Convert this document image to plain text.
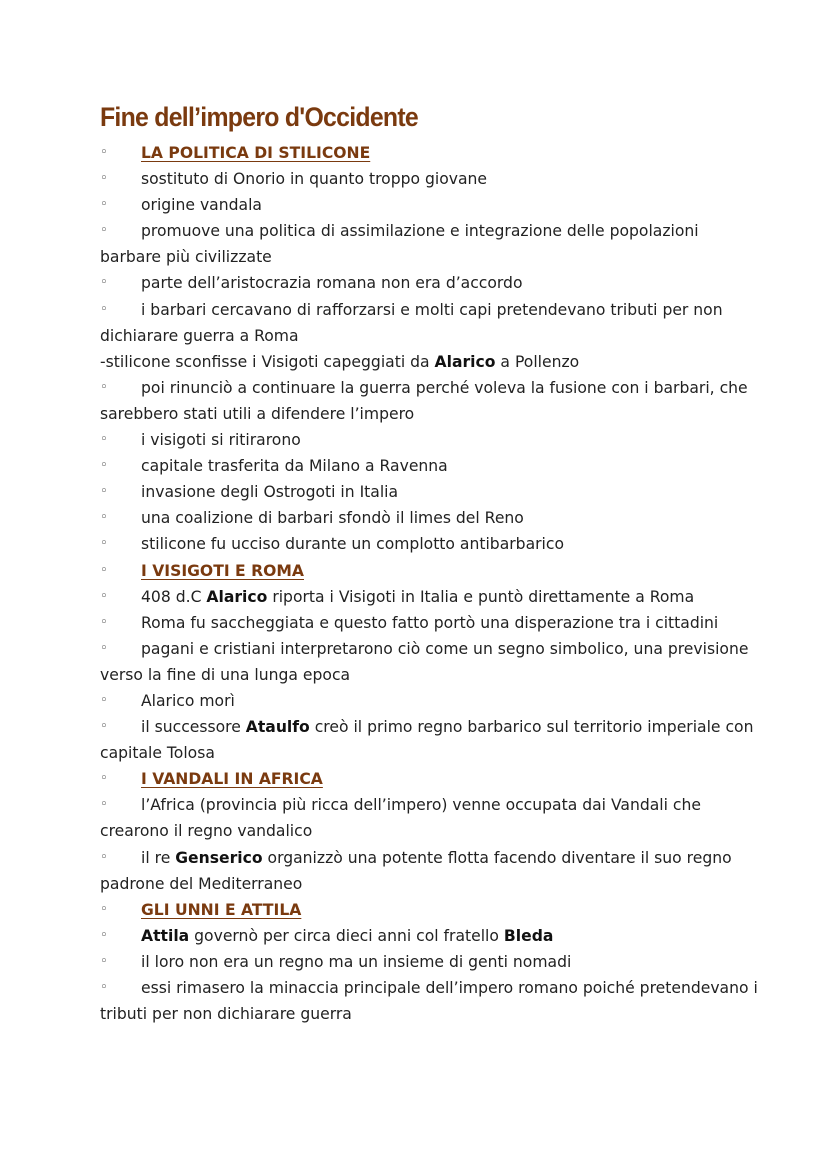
Fine dell’impero d'Occidente
◦	LA POLITICA DI STILICONE
◦	sostituto di Onorio in quanto troppo giovane
◦	origine vandala
◦	promuove una politica di assimilazione e integrazione delle popolazioni
barbare più civilizzate
◦	parte dell’aristocrazia romana non era d’accordo
◦	i barbari cercavano di rafforzarsi e molti capi pretendevano tributi per non
dichiarare guerra a Roma
-stilicone sconfisse i Visigoti capeggiati da Alarico a Pollenzo
◦	poi rinunciò a continuare la guerra perché voleva la fusione con i barbari, che
sarebbero stati utili a difendere l’impero
◦	i visigoti si ritirarono
◦	capitale trasferita da Milano a Ravenna
◦	invasione degli Ostrogoti in Italia
◦	una coalizione di barbari sfondò il limes del Reno
◦	stilicone fu ucciso durante un complotto antibarbarico
◦	I VISIGOTI E ROMA
◦	408 d.C Alarico riporta i Visigoti in Italia e puntò direttamente a Roma
◦	Roma fu saccheggiata e questo fatto portò una disperazione tra i cittadini
◦	pagani e cristiani interpretarono ciò come un segno simbolico, una previsione
verso la fine di una lunga epoca
◦	Alarico morì
◦	il successore Ataulfo creò il primo regno barbarico sul territorio imperiale con
capitale Tolosa
◦	I VANDALI IN AFRICA
◦	l’Africa (provincia più ricca dell’impero) venne occupata dai Vandali che
crearono il regno vandalico
◦	il re Genserico organizzò una potente flotta facendo diventare il suo regno
padrone del Mediterraneo
◦	GLI UNNI E ATTILA
◦	Attila governò per circa dieci anni col fratello Bleda
◦	il loro non era un regno ma un insieme di genti nomadi
◦	essi rimasero la minaccia principale dell’impero romano poiché pretendevano i
tributi per non dichiarare guerra
